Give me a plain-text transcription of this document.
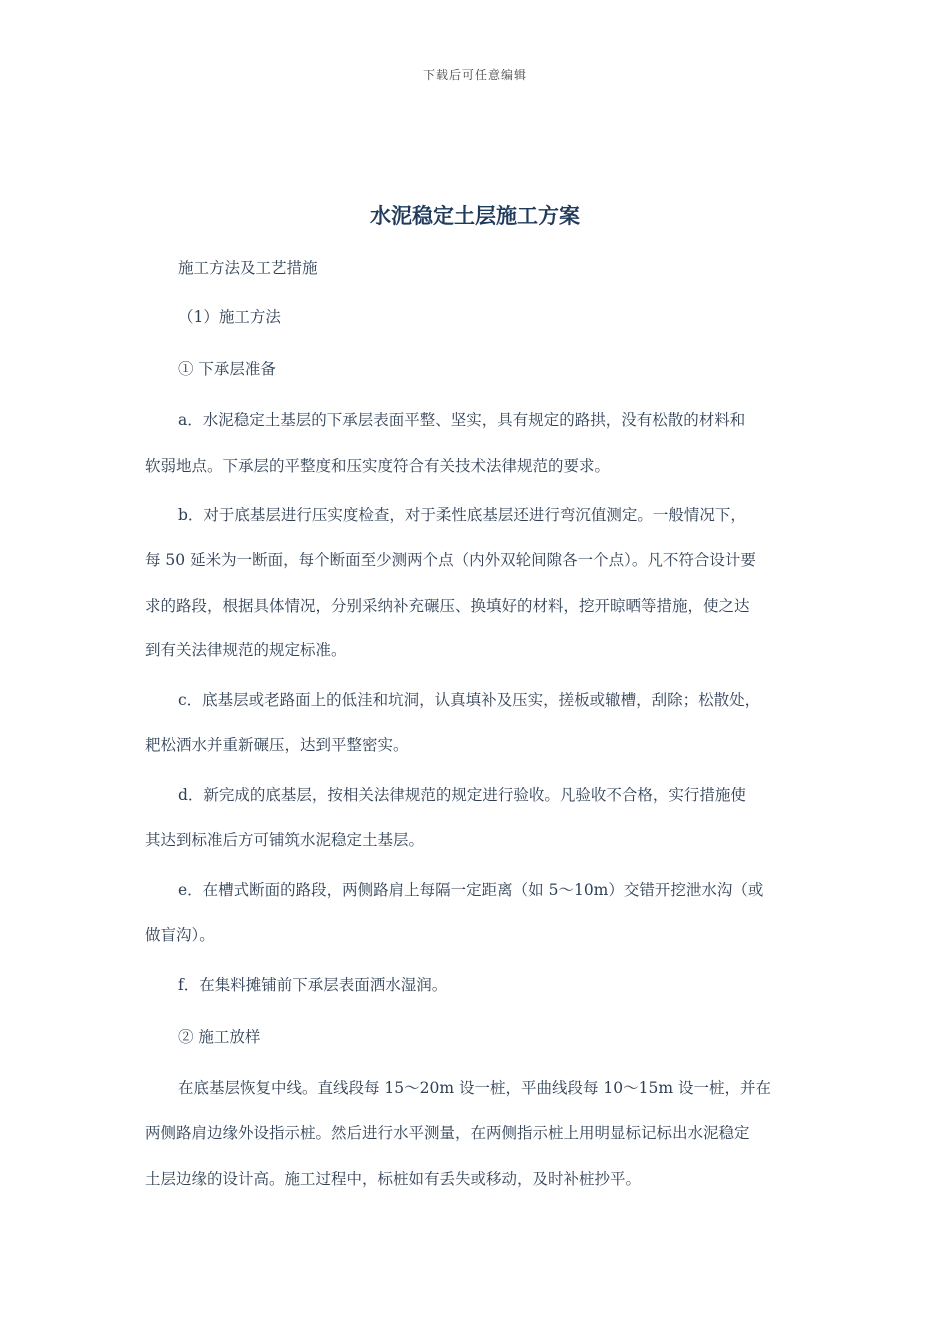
下载后可任意编辑
水泥稳定土层施工方案
施工方法及工艺措施
（1）施工方法
① 下承层准备
a．水泥稳定土基层的下承层表面平整、坚实，具有规定的路拱，没有松散的材料和
软弱地点。下承层的平整度和压实度符合有关技术法律规范的要求。
b．对于底基层进行压实度检查，对于柔性底基层还进行弯沉值测定。一般情况下，
每 50 延米为一断面，每个断面至少测两个点（内外双轮间隙各一个点）。凡不符合设计要
求的路段，根据具体情况，分别采纳补充碾压、换填好的材料，挖开晾晒等措施，使之达
到有关法律规范的规定标准。
c．底基层或老路面上的低洼和坑洞，认真填补及压实，搓板或辙槽，刮除；松散处，
耙松洒水并重新碾压，达到平整密实。
d．新完成的底基层，按相关法律规范的规定进行验收。凡验收不合格，实行措施使
其达到标准后方可铺筑水泥稳定土基层。
e．在槽式断面的路段，两侧路肩上每隔一定距离（如 5～10m）交错开挖泄水沟（或
做盲沟）。
f．在集料摊铺前下承层表面洒水湿润。
② 施工放样
在底基层恢复中线。直线段每 15～20m 设一桩，平曲线段每 10～15m 设一桩，并在
两侧路肩边缘外设指示桩。然后进行水平测量，在两侧指示桩上用明显标记标出水泥稳定
土层边缘的设计高。施工过程中，标桩如有丢失或移动，及时补桩抄平。
